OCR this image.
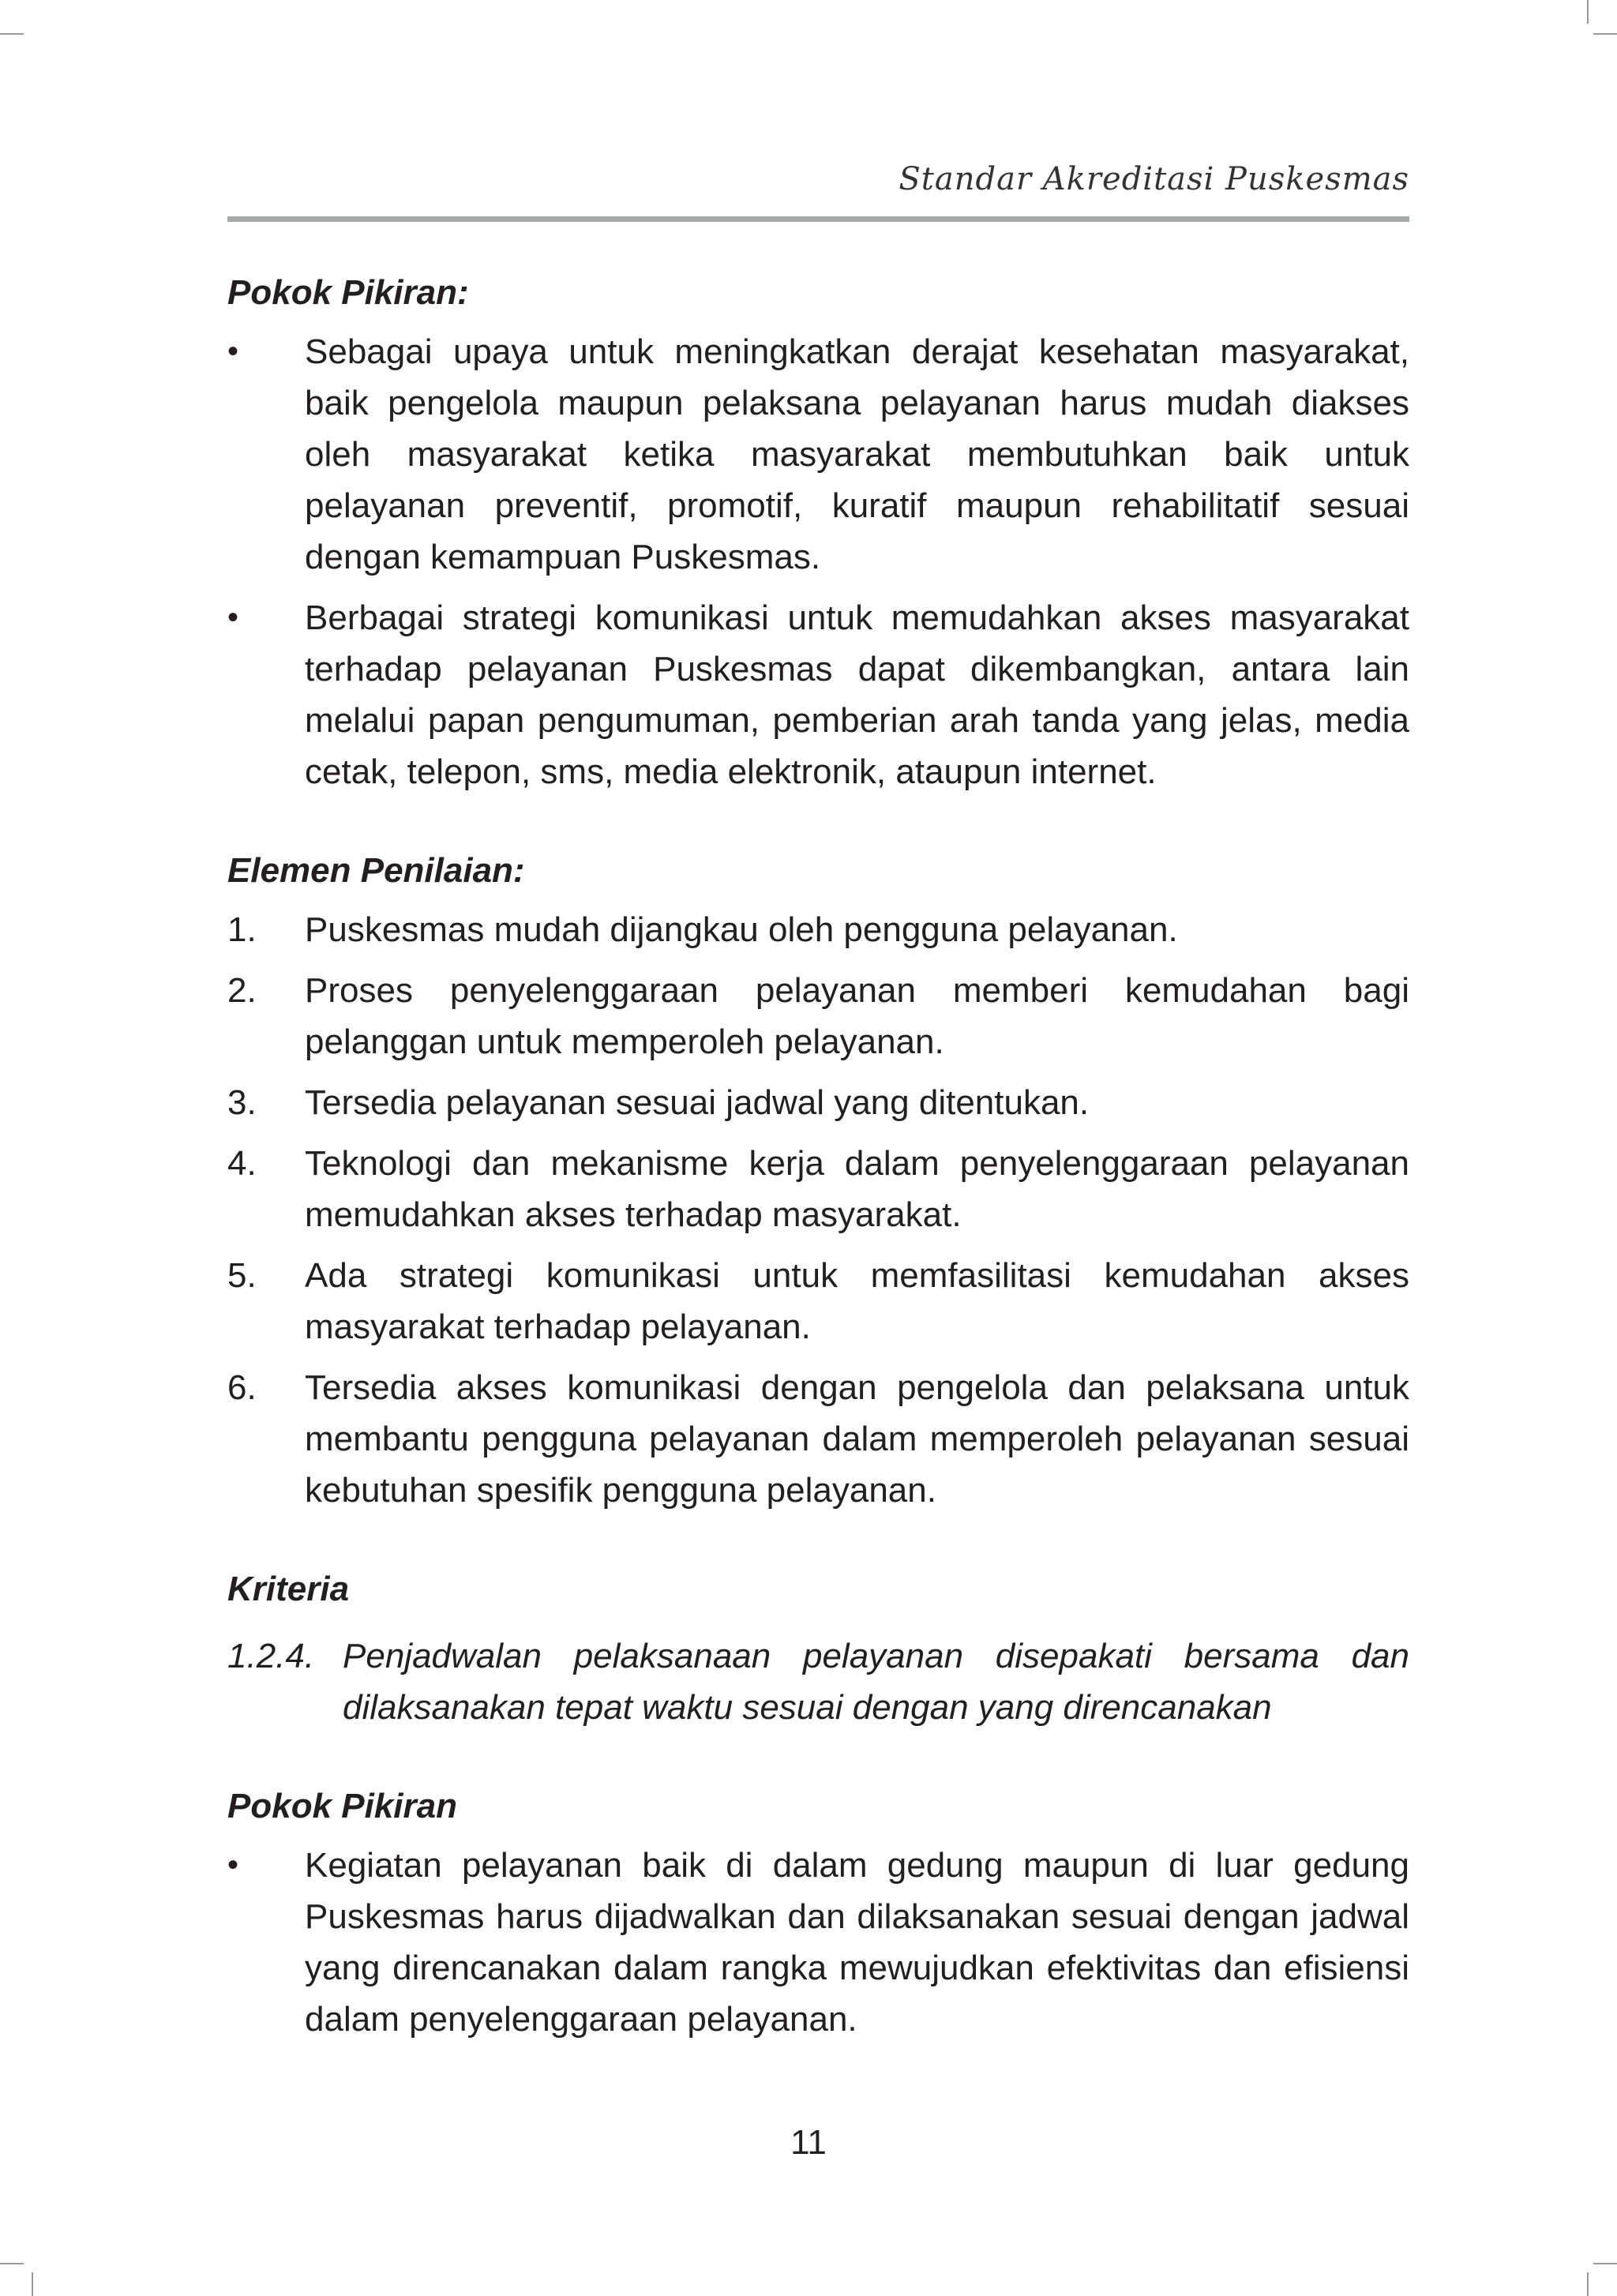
Standar Akreditasi Puskesmas

Pokok Pikiran:

•	Sebagai upaya untuk meningkatkan derajat kesehatan masyarakat, baik pengelola maupun pelaksana pelayanan harus mudah diakses oleh masyarakat ketika masyarakat membutuhkan baik untuk pelayanan preventif, promotif, kuratif maupun rehabilitatif sesuai dengan kemampuan Puskesmas.
•	Berbagai strategi komunikasi untuk memudahkan akses masyarakat terhadap pelayanan Puskesmas dapat dikembangkan, antara lain melalui papan pengumuman, pemberian arah tanda yang jelas, media cetak, telepon, sms, media elektronik, ataupun internet.

Elemen Penilaian:

1.	Puskesmas mudah dijangkau oleh pengguna pelayanan.
2.	Proses penyelenggaraan pelayanan memberi kemudahan bagi pelanggan untuk memperoleh pelayanan.
3.	Tersedia pelayanan sesuai jadwal yang ditentukan.
4.	Teknologi dan mekanisme kerja dalam penyelenggaraan pelayanan memudahkan akses terhadap masyarakat.
5.	Ada strategi komunikasi untuk memfasilitasi kemudahan akses masyarakat terhadap pelayanan.
6.	Tersedia akses komunikasi dengan pengelola dan pelaksana untuk membantu pengguna pelayanan dalam memperoleh pelayanan sesuai kebutuhan spesifik pengguna pelayanan.

Kriteria

1.2.4. Penjadwalan pelaksanaan pelayanan disepakati bersama dan dilaksanakan tepat waktu sesuai dengan yang direncanakan

Pokok Pikiran

•	Kegiatan pelayanan baik di dalam gedung maupun di luar gedung Puskesmas harus dijadwalkan dan dilaksanakan sesuai dengan jadwal yang direncanakan dalam rangka mewujudkan efektivitas dan efisiensi dalam penyelenggaraan pelayanan.
11
